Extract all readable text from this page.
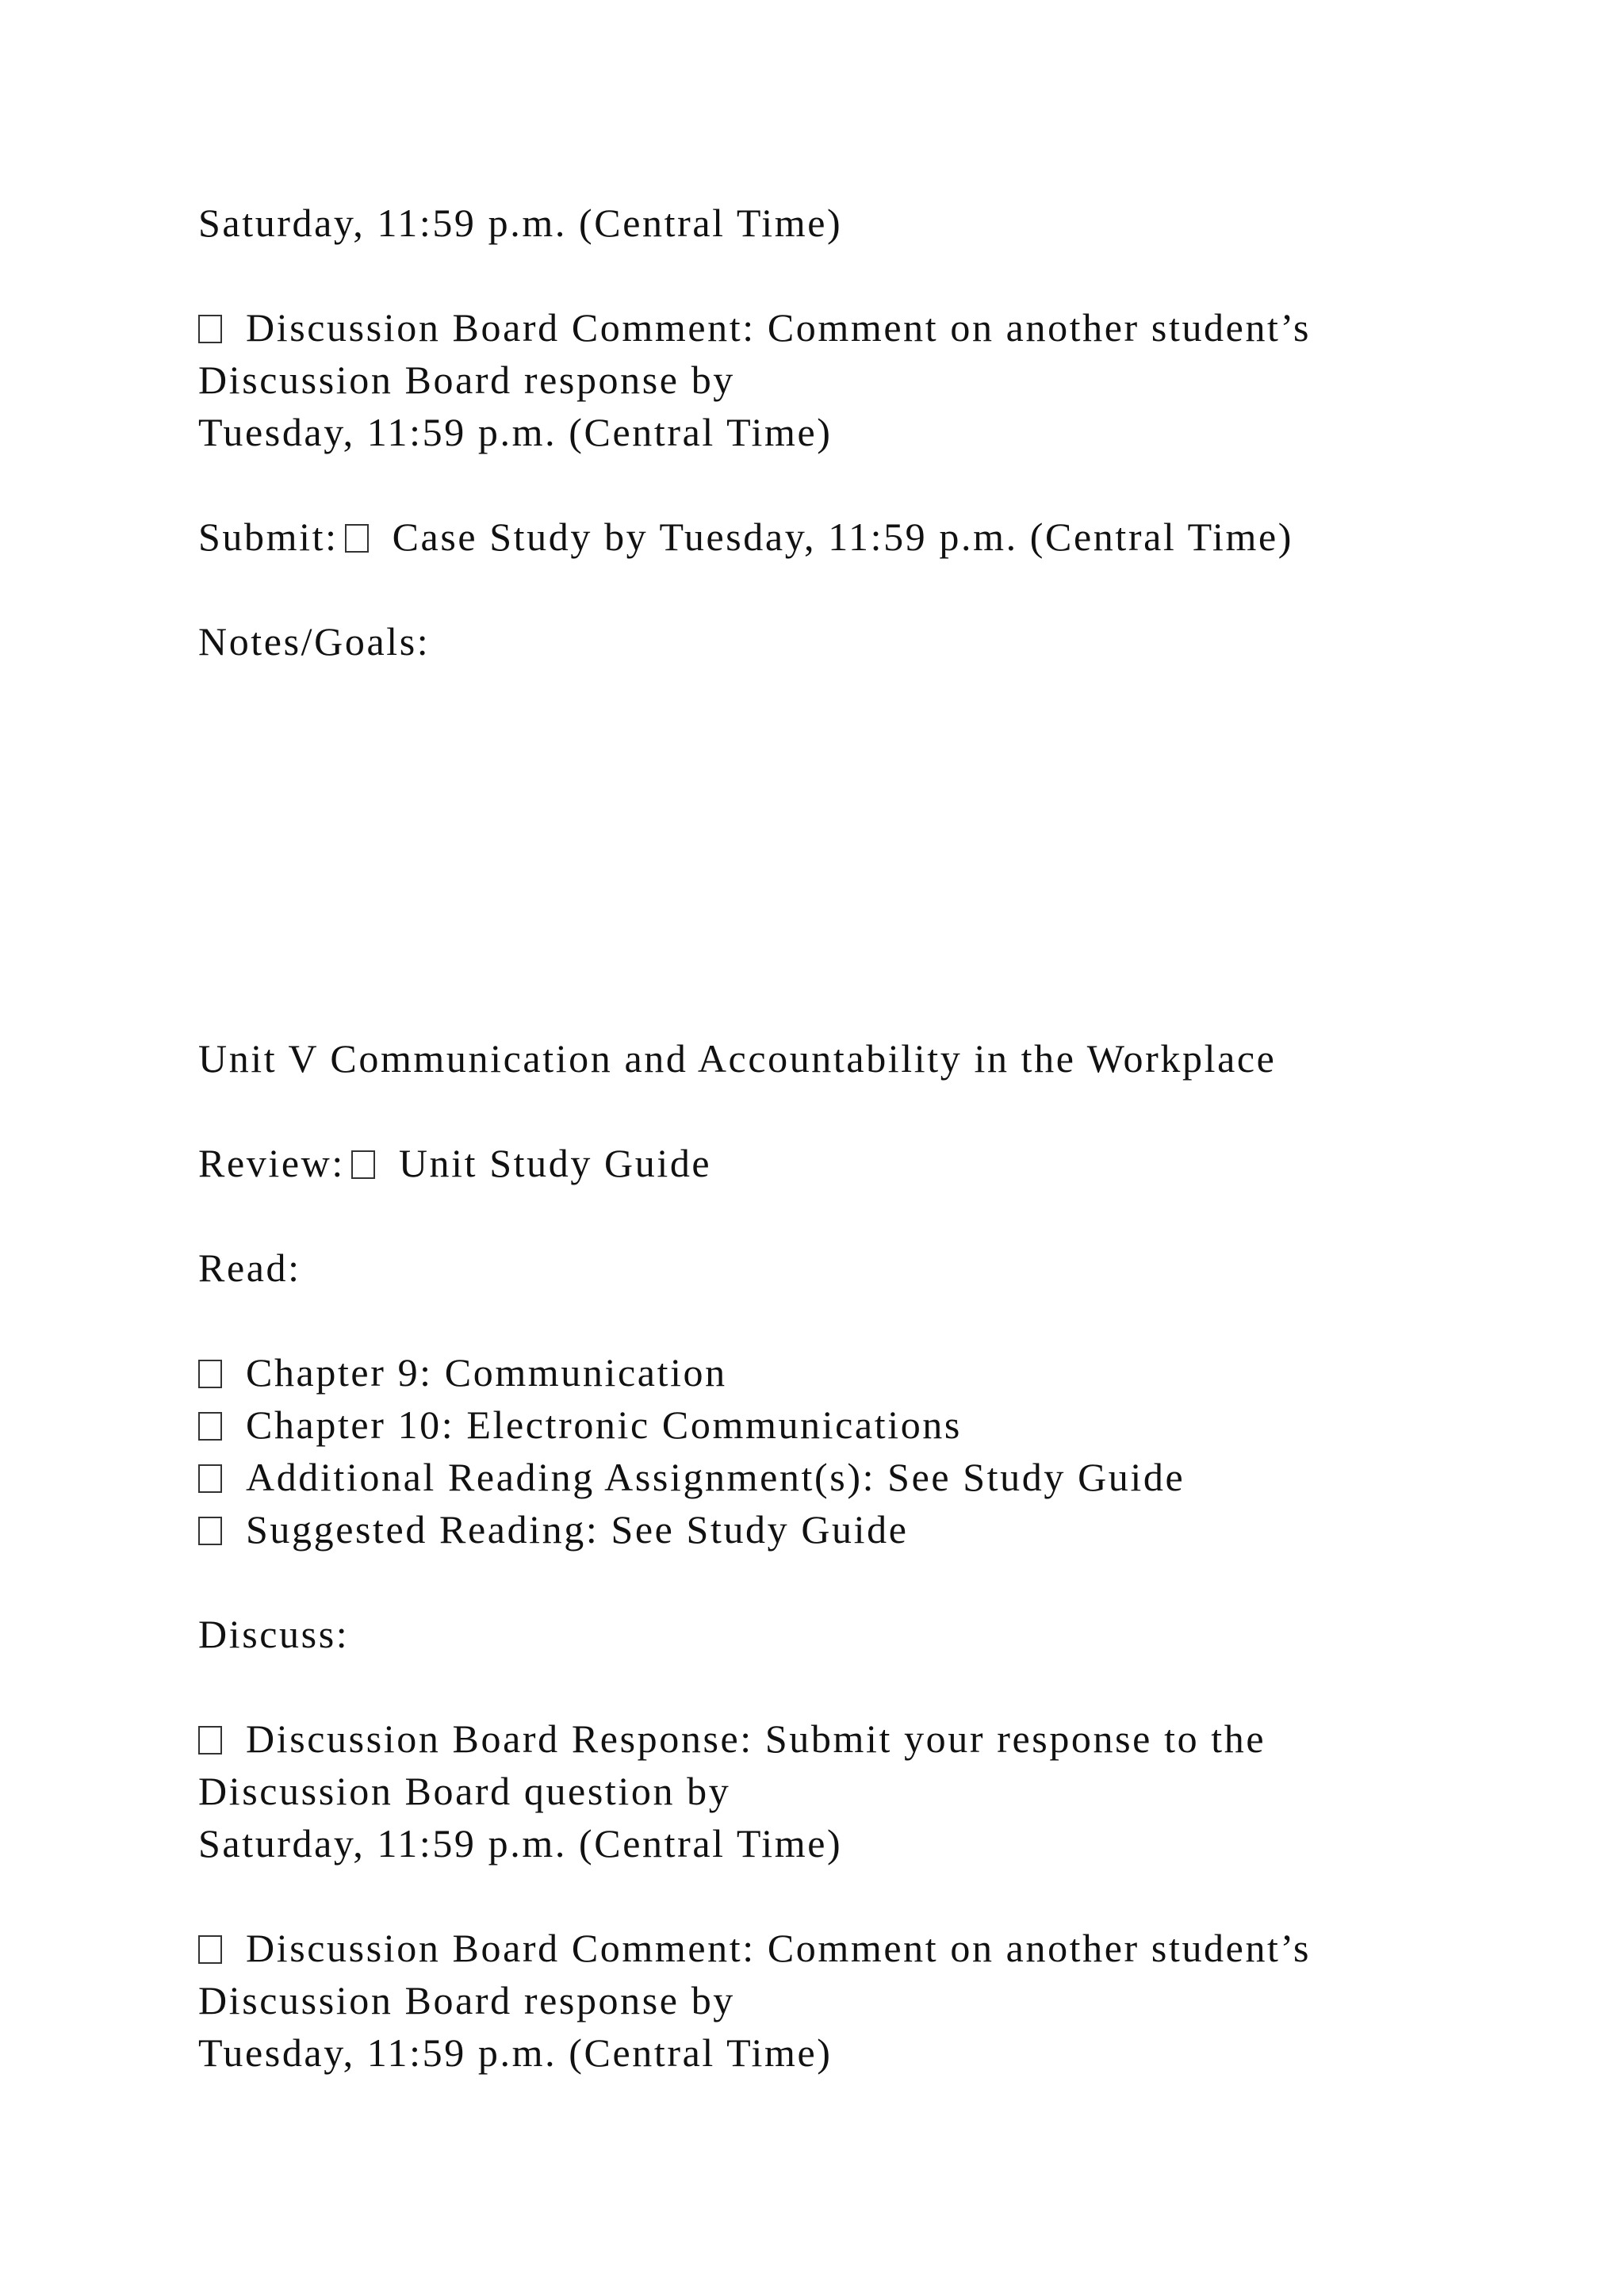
Saturday, 11:59 p.m. (Central Time)

Discussion Board Comment: Comment on another student’s

Discussion Board response by

Tuesday, 11:59 p.m. (Central Time)

Submit: Case Study by Tuesday, 11:59 p.m. (Central Time)

Notes/Goals:

Unit V Communication and Accountability in the Workplace

Review: Unit Study Guide

Read:

Chapter 9: Communication

Chapter 10: Electronic Communications

Additional Reading Assignment(s): See Study Guide

Suggested Reading: See Study Guide

Discuss:

Discussion Board Response: Submit your response to the

Discussion Board question by

Saturday, 11:59 p.m. (Central Time)

Discussion Board Comment: Comment on another student’s

Discussion Board response by

Tuesday, 11:59 p.m. (Central Time)
